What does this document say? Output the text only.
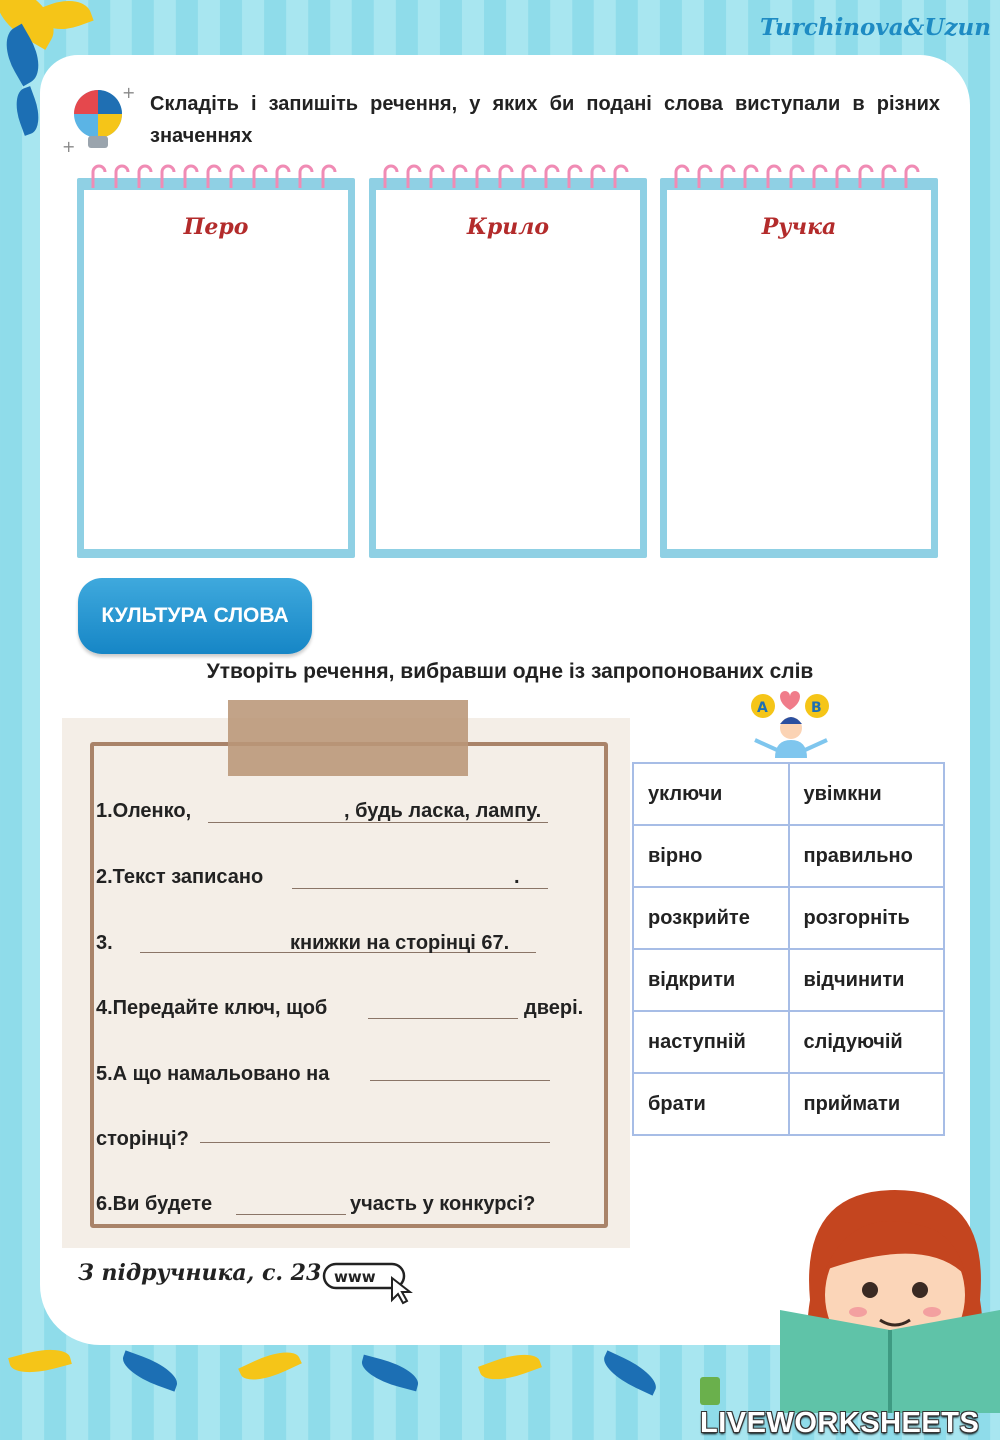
Turchinova&Uzun
+
+
Складіть і запишіть речення, у яких би подані слова виступали в різних значеннях
Перо	Крило	Ручка
КУЛЬТУРА СЛОВА
Утворіть речення, вибравши одне із запропонованих слів
1.Оленко,	, будь ласка, лампу.
2.Текст записано	.
3.	книжки на сторінці 67.
4.Передайте ключ, щоб	двері.
5.А що намальовано на
сторінці?
6.Ви будете	участь у конкурсі?
A	B
уключи	увімкни
вірно	правильно
розкрийте	розгорніть
відкрити	відчинити
наступній	слідуючій
брати	приймати
З підручника, с. 23 www
LIVEWORKSHEETS
